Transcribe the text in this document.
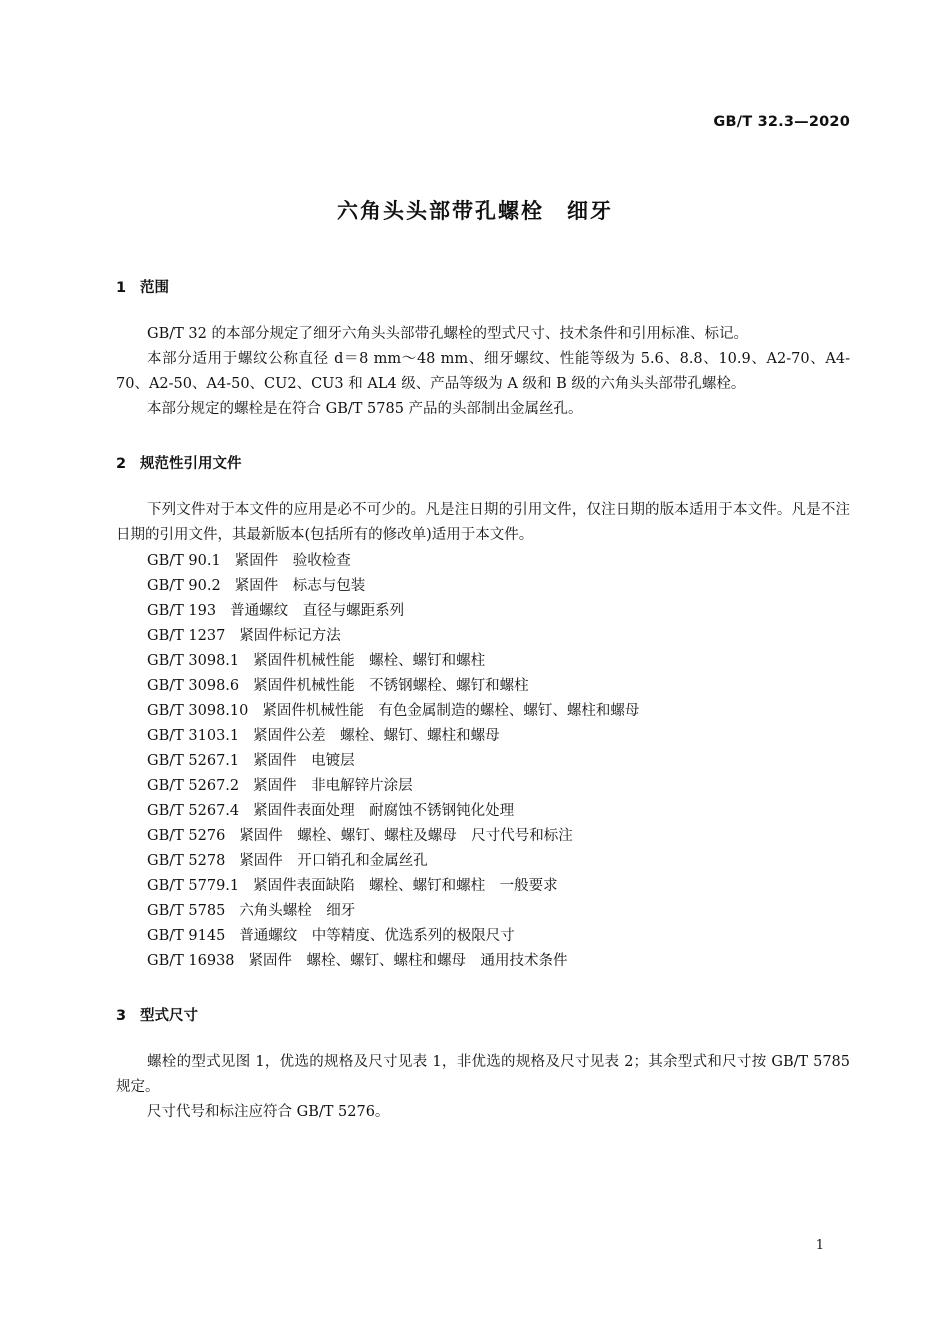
GB/T 32.3—2020
六角头头部带孔螺栓　细牙
1 范围

GB/T 32 的本部分规定了细牙六角头头部带孔螺栓的型式尺寸、技术条件和引用标准、标记。

本部分适用于螺纹公称直径 d＝8 mm～48 mm、细牙螺纹、性能等级为 5.6、8.8、10.9、A2-70、A4-70、A2-50、A4-50、CU2、CU3 和 AL4 级、产品等级为 A 级和 B 级的六角头头部带孔螺栓。

本部分规定的螺栓是在符合 GB/T 5785 产品的头部制出金属丝孔。

2 规范性引用文件

下列文件对于本文件的应用是必不可少的。凡是注日期的引用文件，仅注日期的版本适用于本文件。凡是不注日期的引用文件，其最新版本(包括所有的修改单)适用于本文件。

GB/T 90.1 紧固件　验收检查
GB/T 90.2 紧固件　标志与包装
GB/T 193 普通螺纹　直径与螺距系列
GB/T 1237 紧固件标记方法
GB/T 3098.1 紧固件机械性能　螺栓、螺钉和螺柱
GB/T 3098.6 紧固件机械性能　不锈钢螺栓、螺钉和螺柱
GB/T 3098.10 紧固件机械性能　有色金属制造的螺栓、螺钉、螺柱和螺母
GB/T 3103.1 紧固件公差　螺栓、螺钉、螺柱和螺母
GB/T 5267.1 紧固件　电镀层
GB/T 5267.2 紧固件　非电解锌片涂层
GB/T 5267.4 紧固件表面处理　耐腐蚀不锈钢钝化处理
GB/T 5276 紧固件　螺栓、螺钉、螺柱及螺母　尺寸代号和标注
GB/T 5278 紧固件　开口销孔和金属丝孔
GB/T 5779.1 紧固件表面缺陷　螺栓、螺钉和螺柱　一般要求
GB/T 5785 六角头螺栓　细牙
GB/T 9145 普通螺纹　中等精度、优选系列的极限尺寸
GB/T 16938 紧固件　螺栓、螺钉、螺柱和螺母　通用技术条件
3 型式尺寸

螺栓的型式见图 1，优选的规格及尺寸见表 1，非优选的规格及尺寸见表 2；其余型式和尺寸按 GB/T 5785规定。

尺寸代号和标注应符合 GB/T 5276。

1
